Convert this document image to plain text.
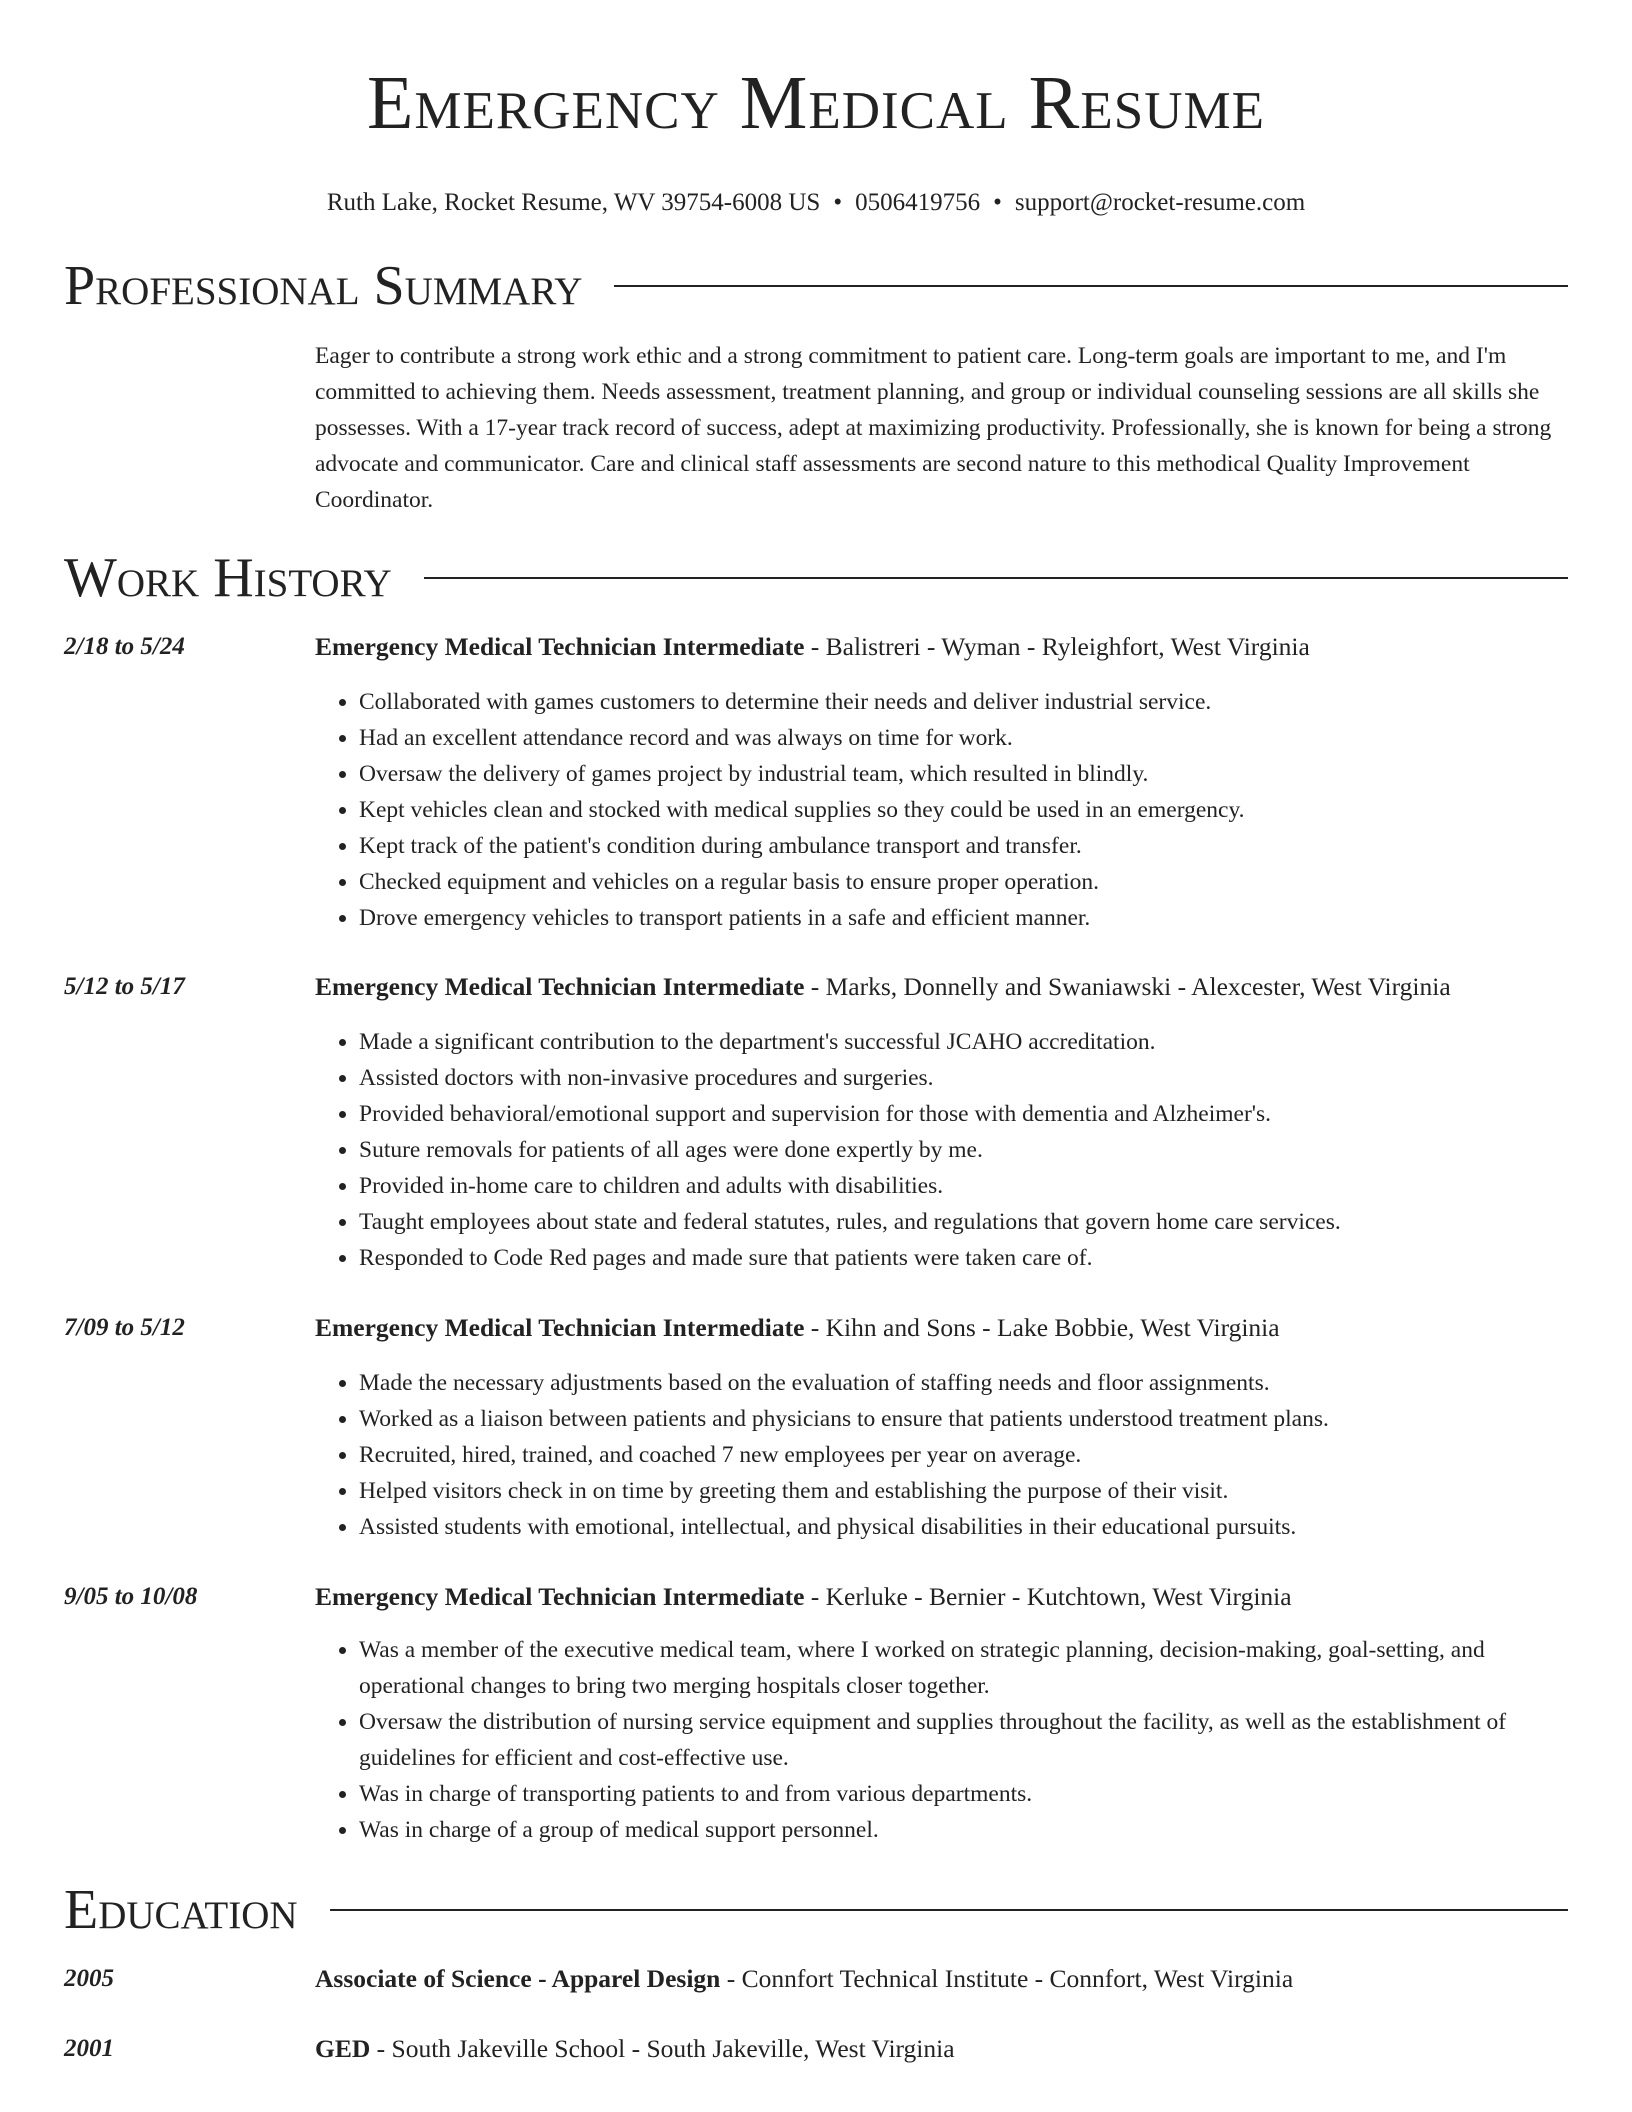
Emergency Medical Resume
Ruth Lake, Rocket Resume, WV 39754-6008 US • 0506419756 • support@rocket-resume.com
Professional Summary

Eager to contribute a strong work ethic and a strong commitment to patient care. Long-term goals are important to me, and I'm committed to achieving them. Needs assessment, treatment planning, and group or individual counseling sessions are all skills she possesses. With a 17-year track record of success, adept at maximizing productivity. Professionally, she is known for being a strong advocate and communicator. Care and clinical staff assessments are second nature to this methodical Quality Improvement Coordinator.

Work History
2/18 to 5/24	Emergency Medical Technician Intermediate - Balistreri - Wyman - Ryleighfort, West Virginia
• Collaborated with games customers to determine their needs and deliver industrial service.
• Had an excellent attendance record and was always on time for work.
• Oversaw the delivery of games project by industrial team, which resulted in blindly.
• Kept vehicles clean and stocked with medical supplies so they could be used in an emergency.
• Kept track of the patient's condition during ambulance transport and transfer.
• Checked equipment and vehicles on a regular basis to ensure proper operation.
• Drove emergency vehicles to transport patients in a safe and efficient manner.
5/12 to 5/17	Emergency Medical Technician Intermediate - Marks, Donnelly and Swaniawski - Alexcester, West Virginia
• Made a significant contribution to the department's successful JCAHO accreditation.
• Assisted doctors with non-invasive procedures and surgeries.
• Provided behavioral/emotional support and supervision for those with dementia and Alzheimer's.
• Suture removals for patients of all ages were done expertly by me.
• Provided in-home care to children and adults with disabilities.
• Taught employees about state and federal statutes, rules, and regulations that govern home care services.
• Responded to Code Red pages and made sure that patients were taken care of.
7/09 to 5/12	Emergency Medical Technician Intermediate - Kihn and Sons - Lake Bobbie, West Virginia
• Made the necessary adjustments based on the evaluation of staffing needs and floor assignments.
• Worked as a liaison between patients and physicians to ensure that patients understood treatment plans.
• Recruited, hired, trained, and coached 7 new employees per year on average.
• Helped visitors check in on time by greeting them and establishing the purpose of their visit.
• Assisted students with emotional, intellectual, and physical disabilities in their educational pursuits.
9/05 to 10/08	Emergency Medical Technician Intermediate - Kerluke - Bernier - Kutchtown, West Virginia
• Was a member of the executive medical team, where I worked on strategic planning, decision-making, goal-setting, and operational changes to bring two merging hospitals closer together.
• Oversaw the distribution of nursing service equipment and supplies throughout the facility, as well as the establishment of guidelines for efficient and cost-effective use.
• Was in charge of transporting patients to and from various departments.
• Was in charge of a group of medical support personnel.
Education
2005	Associate of Science - Apparel Design - Connfort Technical Institute - Connfort, West Virginia
2001	GED - South Jakeville School - South Jakeville, West Virginia
